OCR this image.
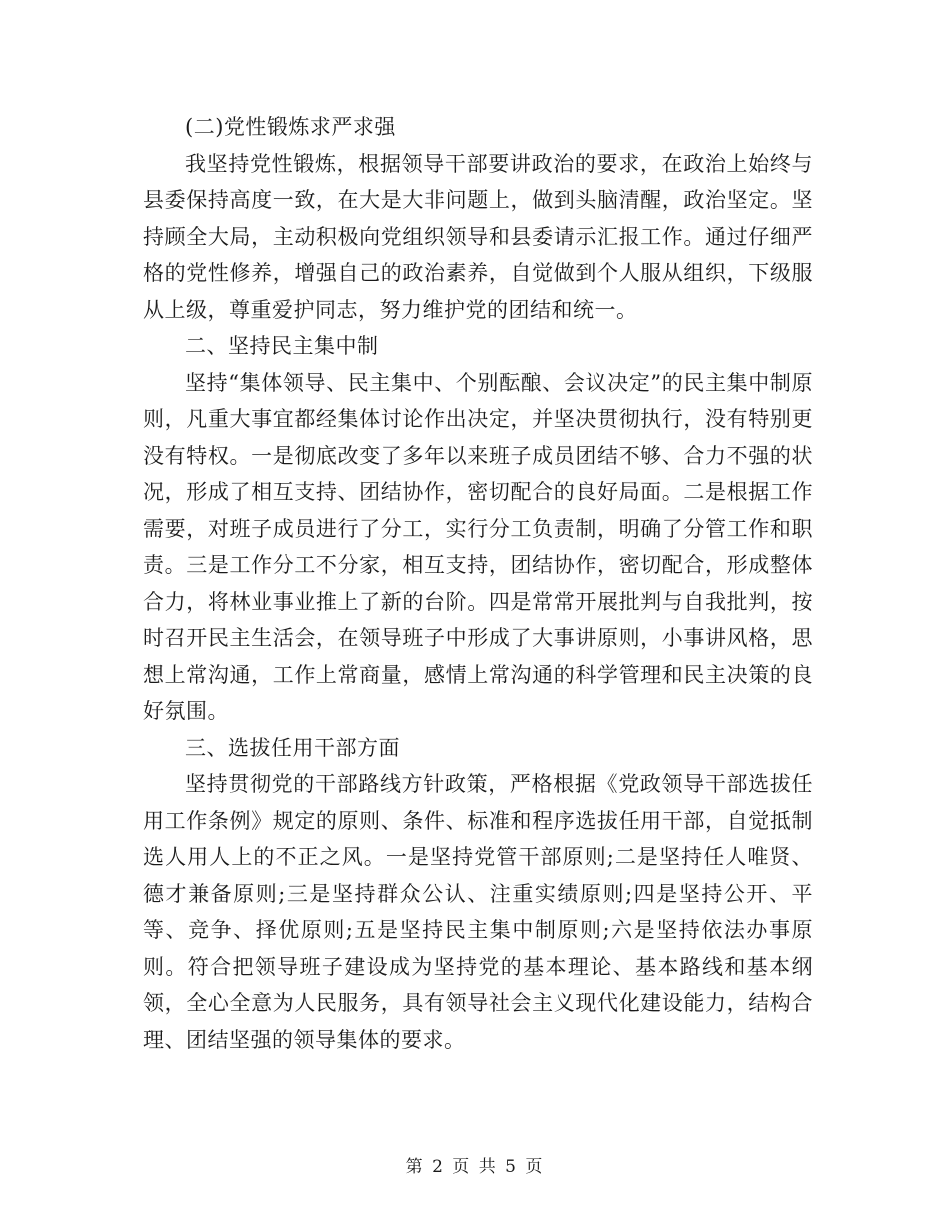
(二)党性锻炼求严求强

我坚持党性锻炼，根据领导干部要讲政治的要求，在政治上始终与县委保持高度一致，在大是大非问题上，做到头脑清醒，政治坚定。坚持顾全大局，主动积极向党组织领导和县委请示汇报工作。通过仔细严格的党性修养，增强自己的政治素养，自觉做到个人服从组织，下级服从上级，尊重爱护同志，努力维护党的团结和统一。

二、坚持民主集中制

坚持“集体领导、民主集中、个别酝酿、会议决定”的民主集中制原则，凡重大事宜都经集体讨论作出决定，并坚决贯彻执行，没有特别更没有特权。一是彻底改变了多年以来班子成员团结不够、合力不强的状况，形成了相互支持、团结协作，密切配合的良好局面。二是根据工作需要，对班子成员进行了分工，实行分工负责制，明确了分管工作和职责。三是工作分工不分家，相互支持，团结协作，密切配合，形成整体合力，将林业事业推上了新的台阶。四是常常开展批判与自我批判，按时召开民主生活会，在领导班子中形成了大事讲原则，小事讲风格，思想上常沟通，工作上常商量，感情上常沟通的科学管理和民主决策的良好氛围。

三、选拔任用干部方面

坚持贯彻党的干部路线方针政策，严格根据《党政领导干部选拔任用工作条例》规定的原则、条件、标准和程序选拔任用干部，自觉抵制选人用人上的不正之风。一是坚持党管干部原则;二是坚持任人唯贤、德才兼备原则;三是坚持群众公认、注重实绩原则;四是坚持公开、平等、竞争、择优原则;五是坚持民主集中制原则;六是坚持依法办事原则。符合把领导班子建设成为坚持党的基本理论、基本路线和基本纲领，全心全意为人民服务，具有领导社会主义现代化建设能力，结构合理、团结坚强的领导集体的要求。

第 2 页 共 5 页
